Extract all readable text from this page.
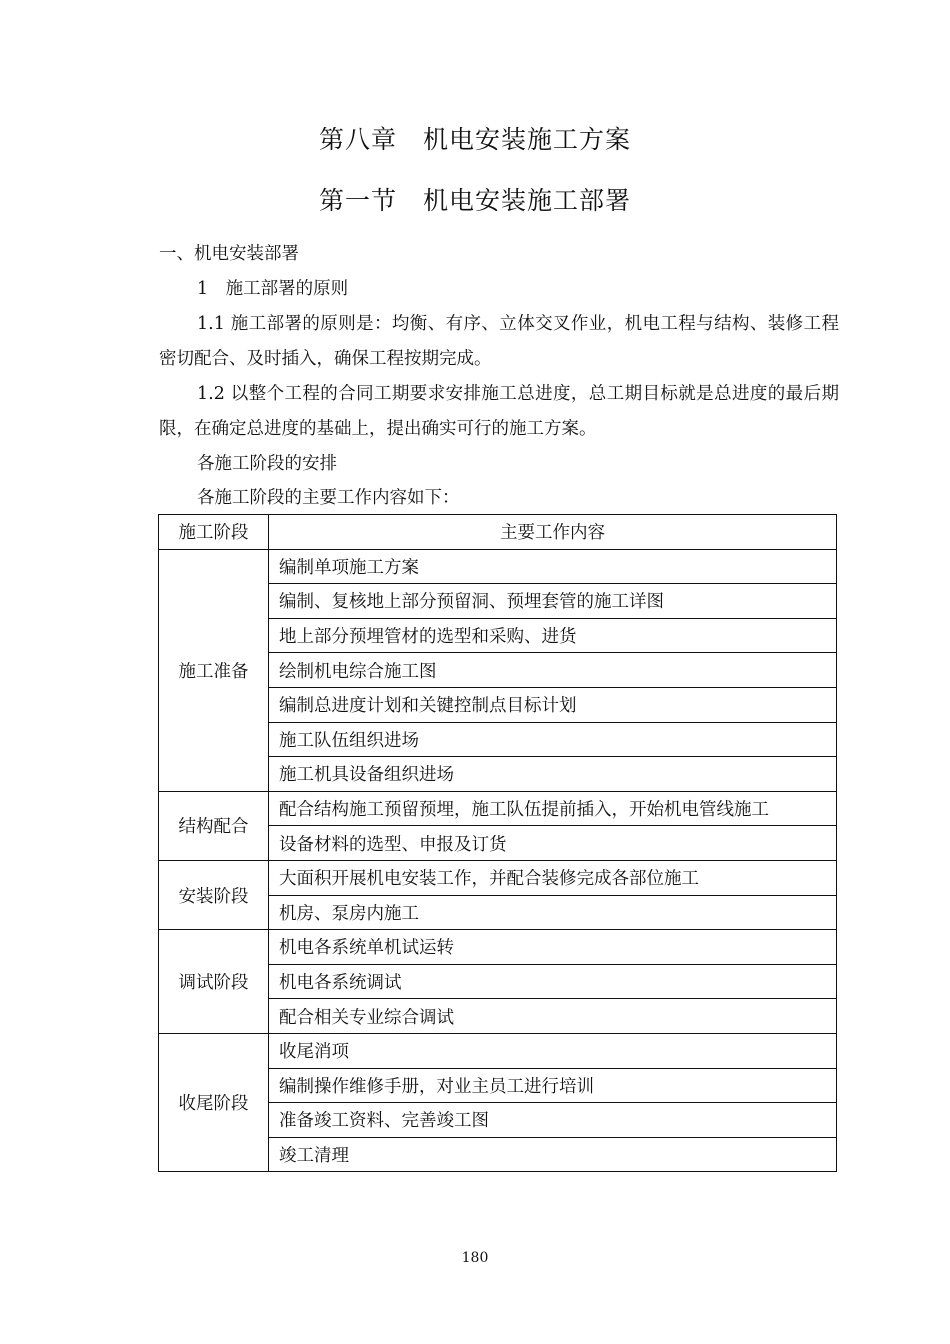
第八章　机电安装施工方案
第一节　机电安装施工部署
一、机电安装部署
1　施工部署的原则
1.1 施工部署的原则是：均衡、有序、立体交叉作业，机电工程与结构、装修工程密切配合、及时插入，确保工程按期完成。
1.2 以整个工程的合同工期要求安排施工总进度，总工期目标就是总进度的最后期限，在确定总进度的基础上，提出确实可行的施工方案。
各施工阶段的安排
各施工阶段的主要工作内容如下：
施工阶段	主要工作内容
施工准备	编制单项施工方案
	编制、复核地上部分预留洞、预埋套管的施工详图
	地上部分预埋管材的选型和采购、进货
	绘制机电综合施工图
	编制总进度计划和关键控制点目标计划
	施工队伍组织进场
	施工机具设备组织进场
结构配合	配合结构施工预留预埋，施工队伍提前插入，开始机电管线施工
	设备材料的选型、申报及订货
安装阶段	大面积开展机电安装工作，并配合装修完成各部位施工
	机房、泵房内施工
调试阶段	机电各系统单机试运转
	机电各系统调试
	配合相关专业综合调试
收尾阶段	收尾消项
	编制操作维修手册，对业主员工进行培训
	准备竣工资料、完善竣工图
	竣工清理
180
